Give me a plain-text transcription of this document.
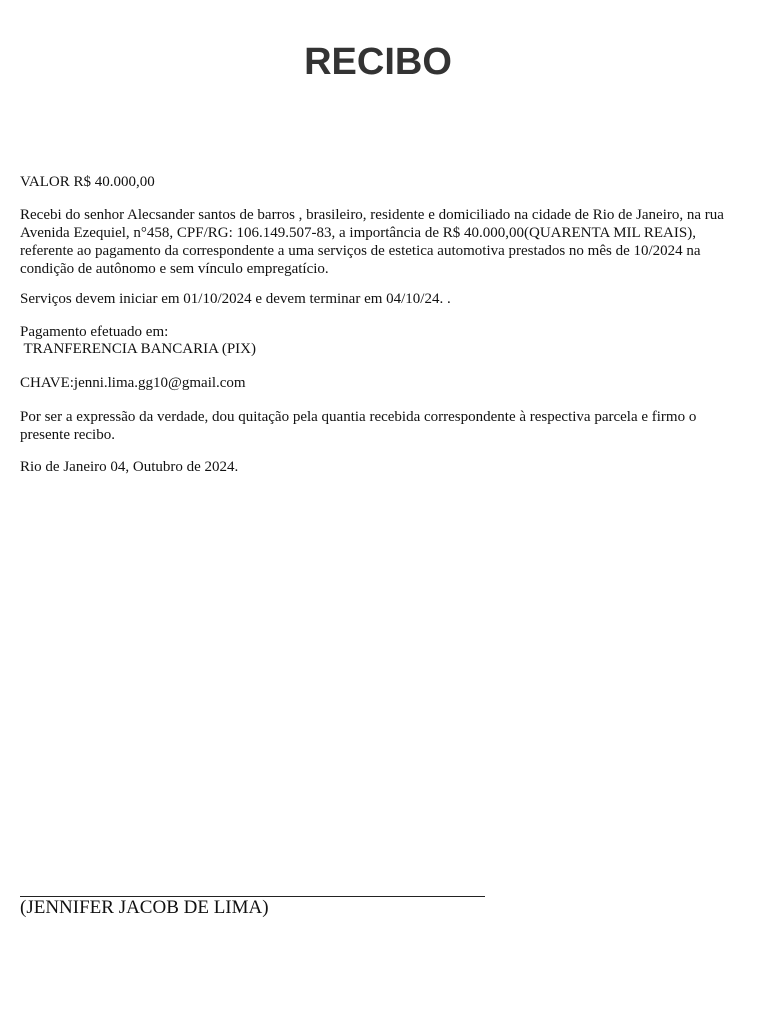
RECIBO

VALOR R$ 40.000,00

Recebi do senhor Alecsander santos de barros , brasileiro, residente e domiciliado na cidade de Rio de Janeiro, na rua Avenida Ezequiel, n°458, CPF/RG: 106.149.507-83, a importância de R$ 40.000,00(QUARENTA MIL REAIS), referente ao pagamento da correspondente a uma serviços de estetica automotiva prestados no mês de 10/2024 na condição de autônomo e sem vínculo empregatício.

Serviços devem iniciar em 01/10/2024 e devem terminar em 04/10/24. .

Pagamento efetuado em:

TRANFERENCIA BANCARIA (PIX)

CHAVE:jenni.lima.gg10@gmail.com

Por ser a expressão da verdade, dou quitação pela quantia recebida correspondente à respectiva parcela e firmo o presente recibo.

Rio de Janeiro 04, Outubro de 2024.

(JENNIFER JACOB DE LIMA)
